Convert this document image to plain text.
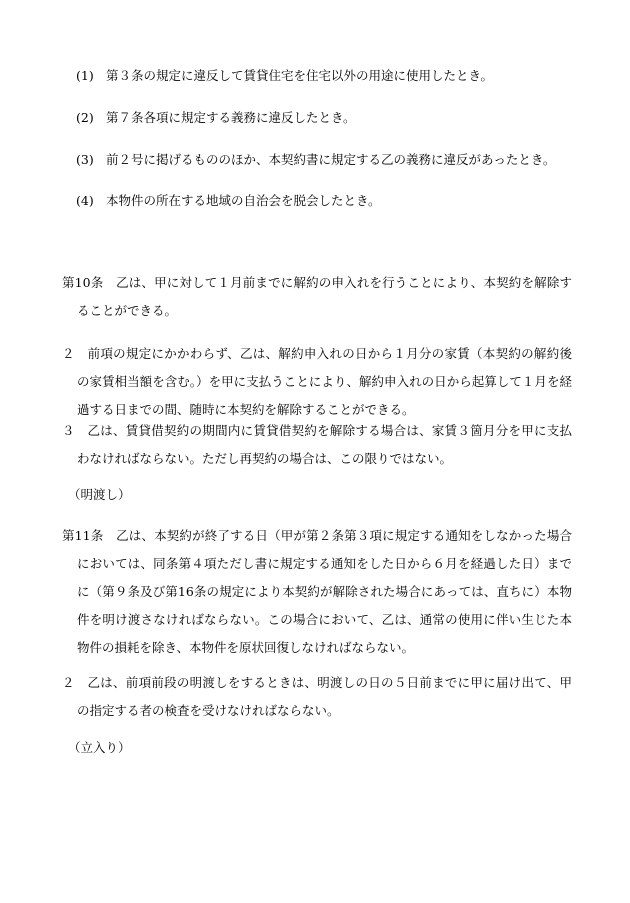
(1) 第３条の規定に違反して賃貸住宅を住宅以外の用途に使用したとき。
(2) 第７条各項に規定する義務に違反したとき。
(3) 前２号に掲げるもののほか、本契約書に規定する乙の義務に違反があったとき。
(4) 本物件の所在する地域の自治会を脱会したとき。
第10条　乙は、甲に対して１月前までに解約の申入れを行うことにより、本契約を解除することができる。
２　前項の規定にかかわらず、乙は、解約申入れの日から１月分の家賃（本契約の解約後の家賃相当額を含む。）を甲に支払うことにより、解約申入れの日から起算して１月を経過する日までの間、随時に本契約を解除することができる。
３　乙は、賃貸借契約の期間内に賃貸借契約を解除する場合は、家賃３箇月分を甲に支払わなければならない。ただし再契約の場合は、この限りではない。
（明渡し）
第11条　乙は、本契約が終了する日（甲が第２条第３項に規定する通知をしなかった場合においては、同条第４項ただし書に規定する通知をした日から６月を経過した日）までに（第９条及び第16条の規定により本契約が解除された場合にあっては、直ちに）本物件を明け渡さなければならない。この場合において、乙は、通常の使用に伴い生じた本物件の損耗を除き、本物件を原状回復しなければならない。
２　乙は、前項前段の明渡しをするときは、明渡しの日の５日前までに甲に届け出て、甲の指定する者の検査を受けなければならない。
（立入り）
